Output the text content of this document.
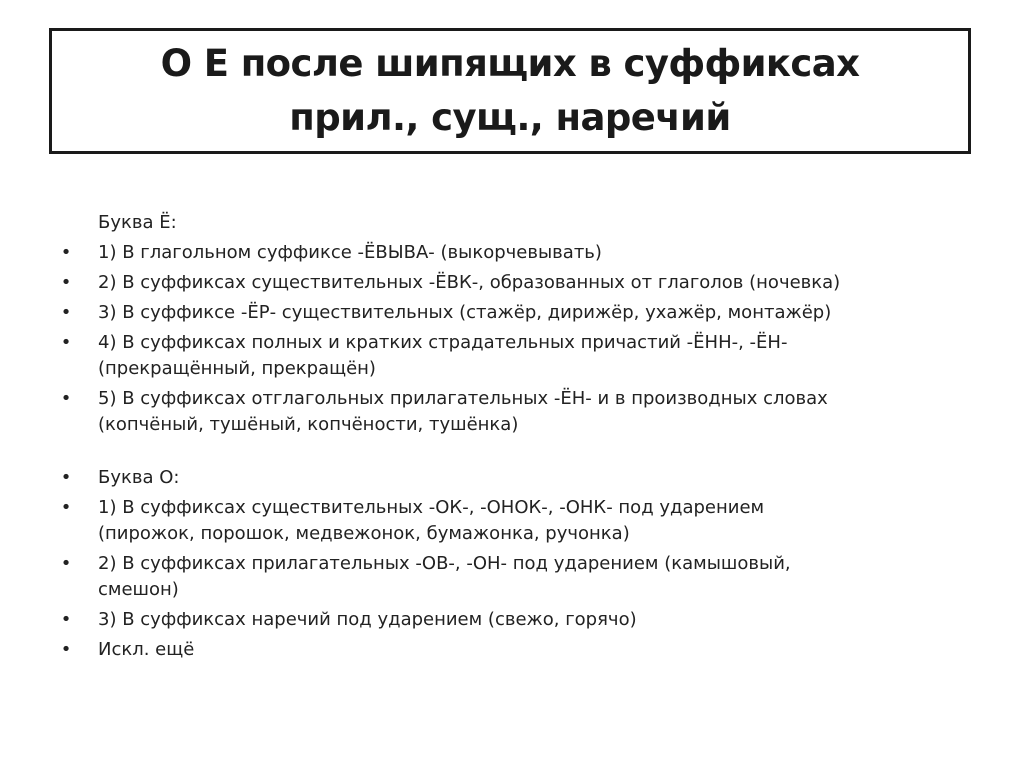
О Е после шипящих в суффиксах
прил., сущ., наречий
Буква Ё:
• 1) В глагольном суффиксе -ЁВЫВА- (выкорчевывать)
• 2) В суффиксах существительных -ЁВК-, образованных от глаголов (ночевка)
• 3) В суффиксе -ЁР- существительных (стажёр, дирижёр, ухажёр, монтажёр)
• 4) В суффиксах полных и кратких страдательных причастий -ЁНН-, -ЁН-
(прекращённый, прекращён)
• 5) В суффиксах отглагольных прилагательных -ЁН- и в производных словах
(копчёный, тушёный, копчёности, тушёнка)
• Буква О:
• 1) В суффиксах существительных -ОК-, -ОНОК-, -ОНК- под ударением
(пирожок, порошок, медвежонок, бумажонка, ручонка)
• 2) В суффиксах прилагательных -ОВ-, -ОН- под ударением (камышовый,
смешон)
• 3) В суффиксах наречий под ударением (свежо, горячо)
• Искл. ещё
